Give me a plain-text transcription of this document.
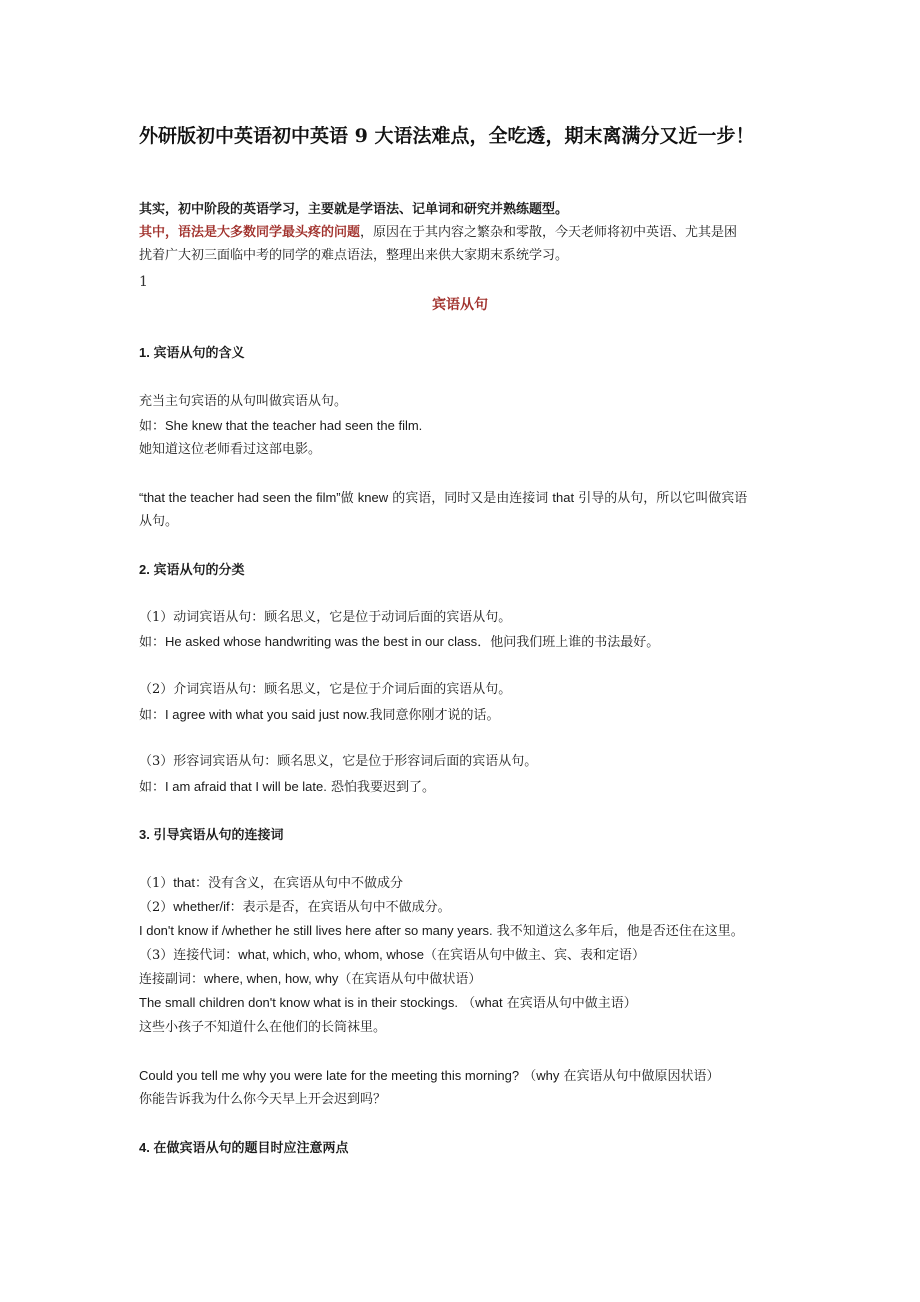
外研版初中英语初中英语 9 大语法难点，全吃透，期末离满分又近一步！
其实，初中阶段的英语学习，主要就是学语法、记单词和研究并熟练题型。
其中，语法是大多数同学最头疼的问题，原因在于其内容之繁杂和零散，今天老师将初中英语、尤其是困
扰着广大初三面临中考的同学的难点语法，整理出来供大家期末系统学习。
1
宾语从句
1. 宾语从句的含义
充当主句宾语的从句叫做宾语从句。
如：She knew that the teacher had seen the film.
她知道这位老师看过这部电影。
“that the teacher had seen the film”做 knew 的宾语，同时又是由连接词 that 引导的从句，所以它叫做宾语
从句。
2. 宾语从句的分类
（1）动词宾语从句：顾名思义，它是位于动词后面的宾语从句。
如：He asked whose handwriting was the best in our class．他问我们班上谁的书法最好。
（2）介词宾语从句：顾名思义，它是位于介词后面的宾语从句。
如：I agree with what you said just now.我同意你刚才说的话。
（3）形容词宾语从句：顾名思义，它是位于形容词后面的宾语从句。
如：I am afraid that I will be late. 恐怕我要迟到了。
3. 引导宾语从句的连接词
（1）that：没有含义，在宾语从句中不做成分
（2）whether/if：表示是否，在宾语从句中不做成分。
I don't know if /whether he still lives here after so many years. 我不知道这么多年后，他是否还住在这里。
（3）连接代词：what, which, who, whom, whose（在宾语从句中做主、宾、表和定语）
连接副词：where, when, how, why（在宾语从句中做状语）
The small children don't know what is in their stockings. （what 在宾语从句中做主语）
这些小孩子不知道什么在他们的长筒袜里。
Could you tell me why you were late for the meeting this morning? （why 在宾语从句中做原因状语）
你能告诉我为什么你今天早上开会迟到吗？
4. 在做宾语从句的题目时应注意两点
